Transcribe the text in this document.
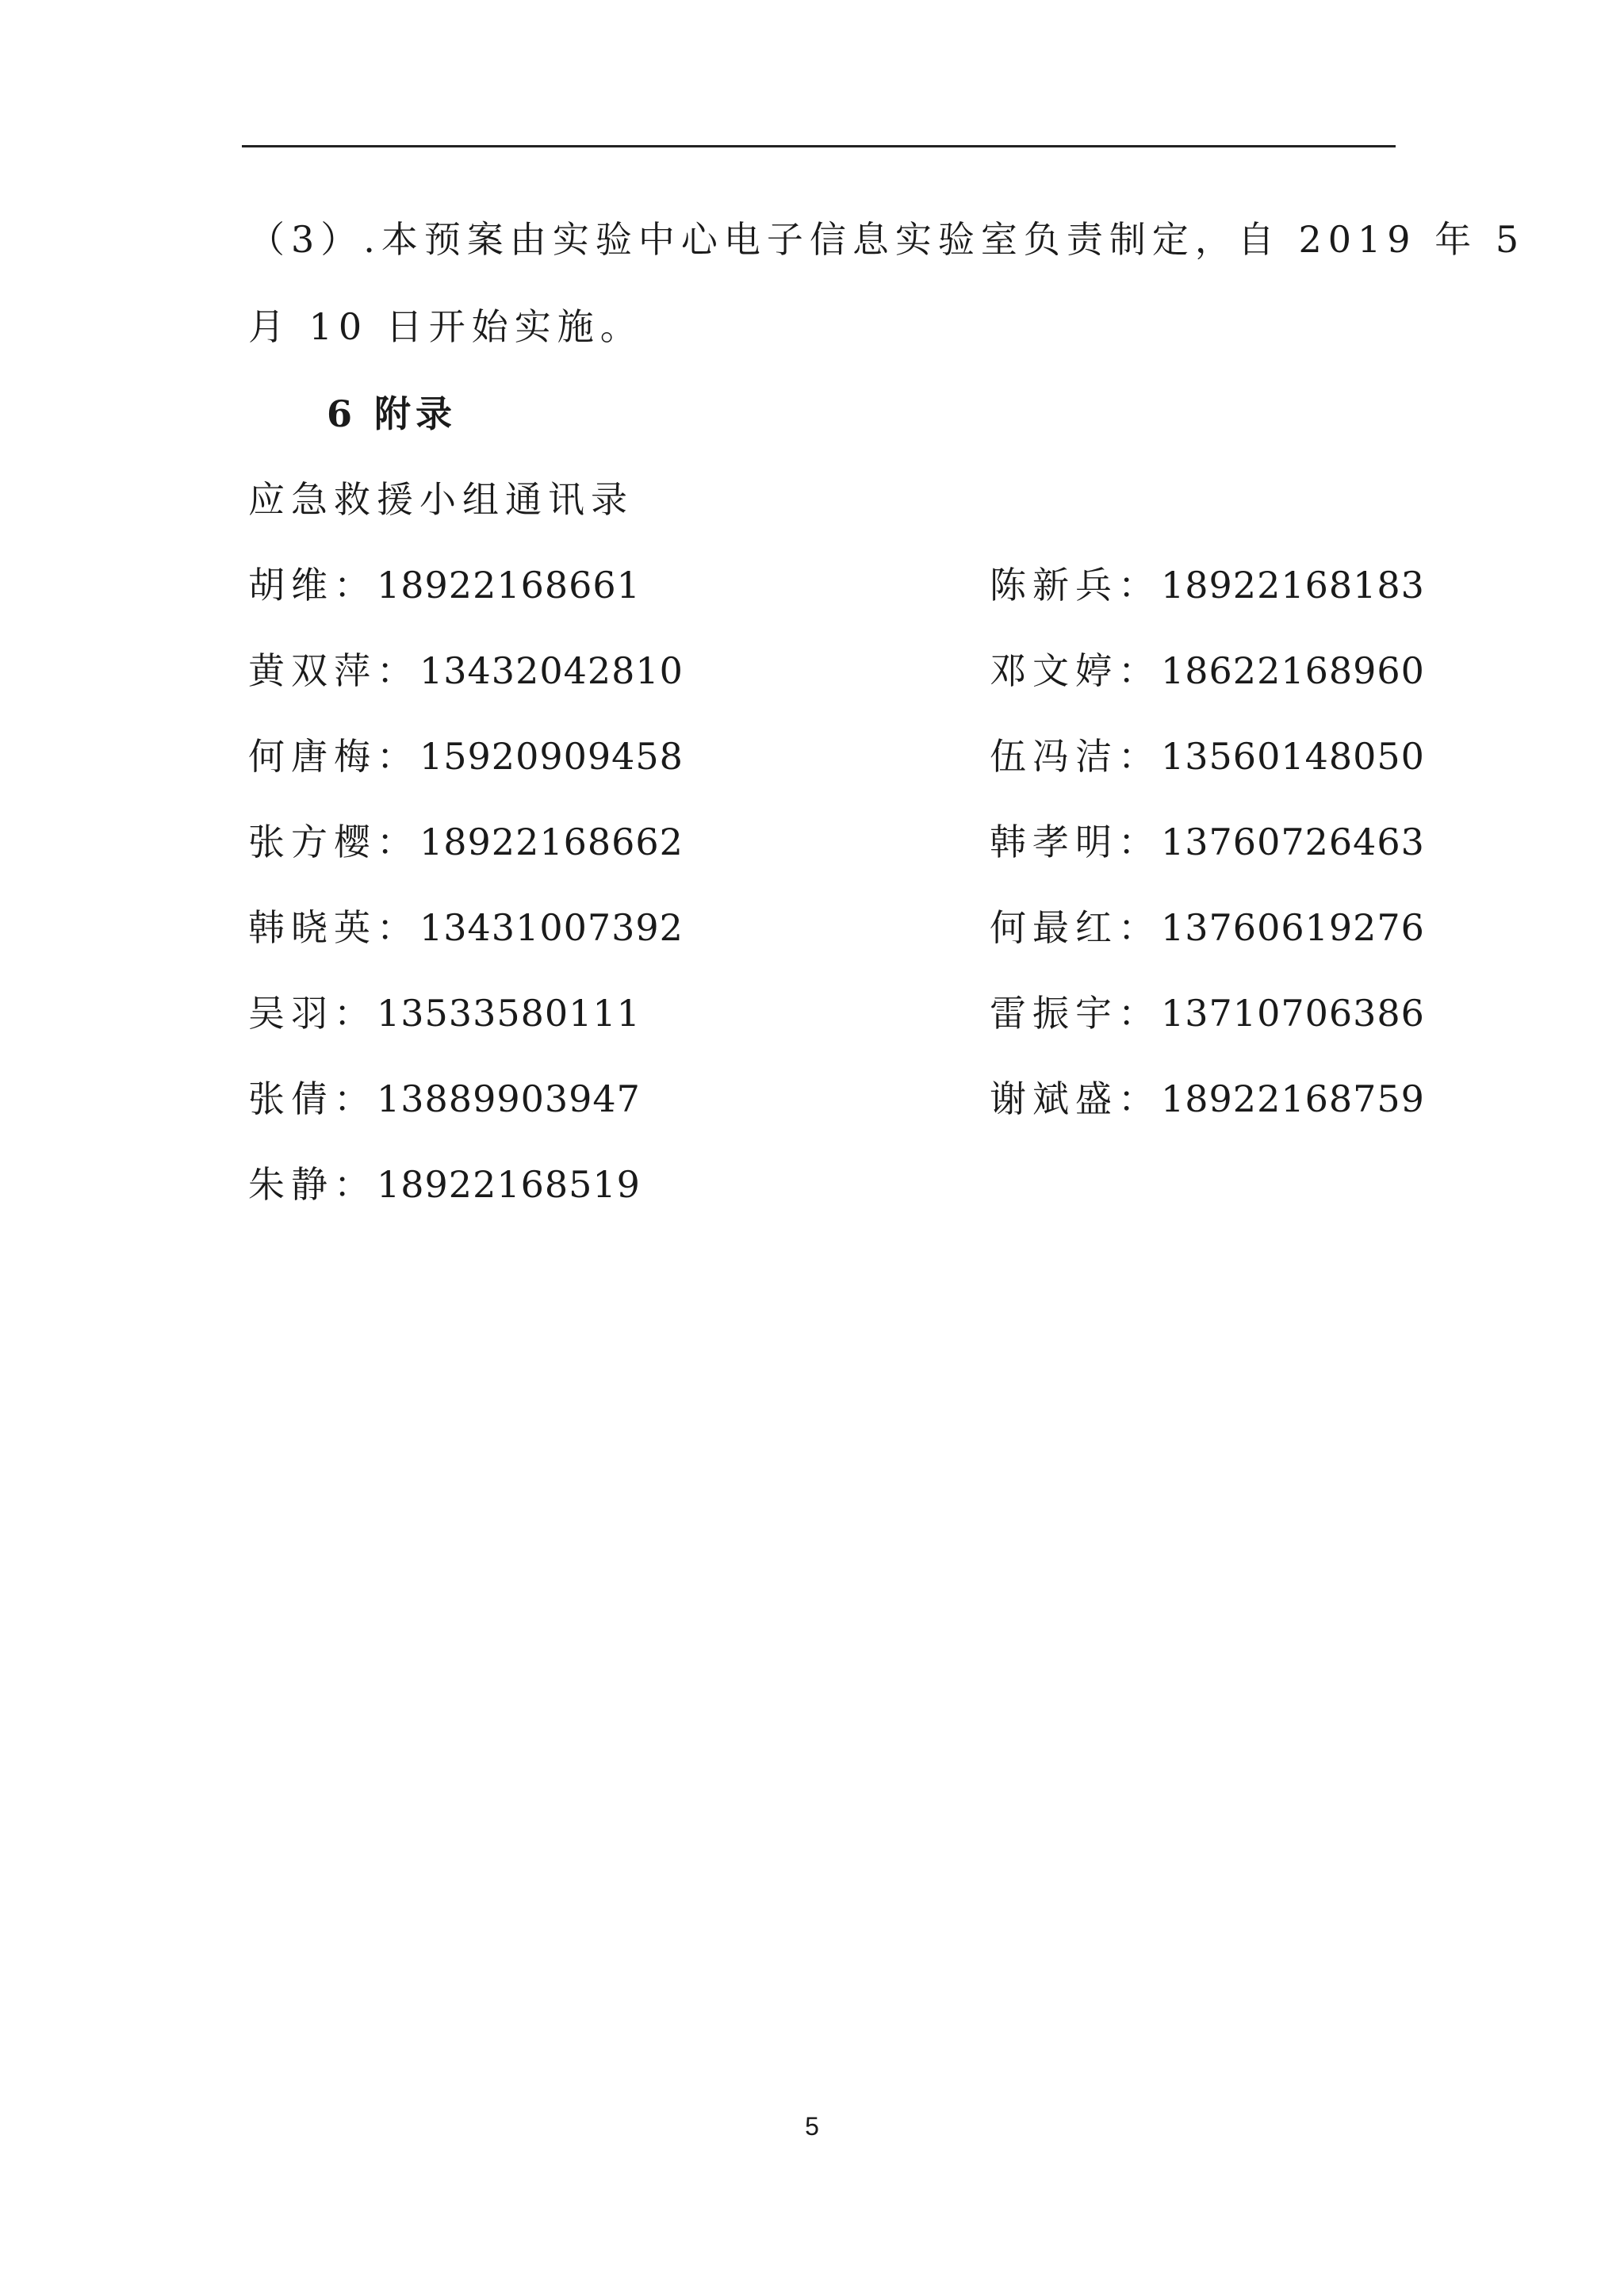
（3）.本预案由实验中心电子信息实验室负责制定，自 2019 年 5
月 10 日开始实施。
6 附录
应急救援小组通讯录
胡维：18922168661	陈新兵：18922168183
黄双萍：13432042810	邓文婷：18622168960
何唐梅：15920909458	伍冯洁：13560148050
张方樱：18922168662	韩孝明：13760726463
韩晓英：13431007392	何最红：13760619276
吴羽：13533580111	雷振宇：13710706386
张倩：13889903947	谢斌盛：18922168759
朱静：18922168519
5
